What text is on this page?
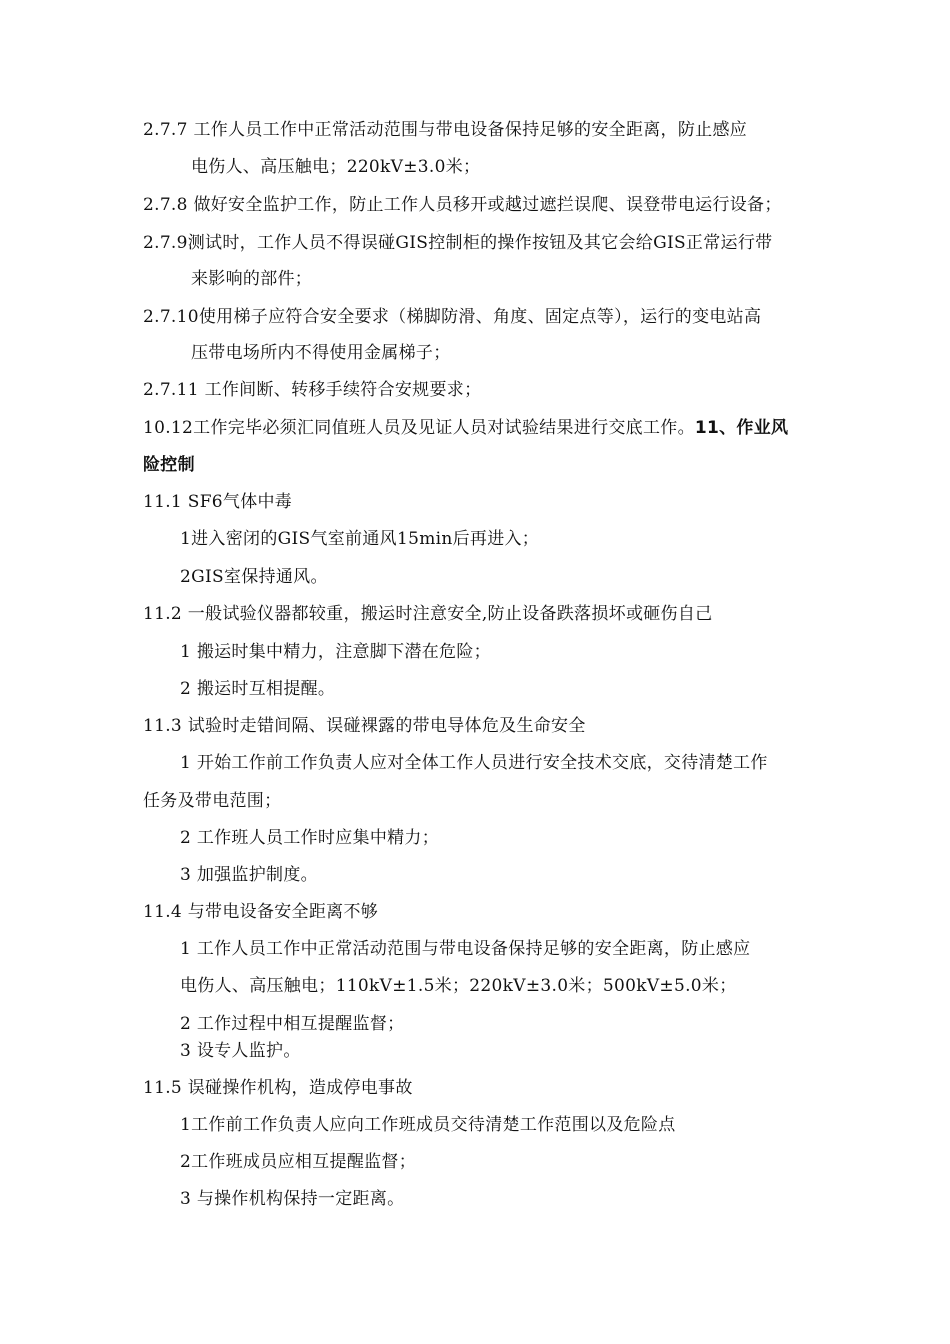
2.7.7 工作人员工作中正常活动范围与带电设备保持足够的安全距离，防止感应
电伤人、高压触电；220kV±3.0米；
2.7.8 做好安全监护工作，防止工作人员移开或越过遮拦误爬、误登带电运行设备；
2.7.9测试时，工作人员不得误碰GIS控制柜的操作按钮及其它会给GIS正常运行带
来影响的部件；
2.7.10使用梯子应符合安全要求（梯脚防滑、角度、固定点等），运行的变电站高
压带电场所内不得使用金属梯子；
2.7.11 工作间断、转移手续符合安规要求；
10.12工作完毕必须汇同值班人员及见证人员对试验结果进行交底工作。11、作业风
险控制
11.1 SF6气体中毒
1进入密闭的GIS气室前通风15min后再进入；
2GIS室保持通风。
11.2 一般试验仪器都较重，搬运时注意安全,防止设备跌落损坏或砸伤自己
1 搬运时集中精力，注意脚下潜在危险；
2 搬运时互相提醒。
11.3 试验时走错间隔、误碰裸露的带电导体危及生命安全
1 开始工作前工作负责人应对全体工作人员进行安全技术交底，交待清楚工作
任务及带电范围；
2 工作班人员工作时应集中精力；
3 加强监护制度。
11.4 与带电设备安全距离不够
1 工作人员工作中正常活动范围与带电设备保持足够的安全距离，防止感应
电伤人、高压触电；110kV±1.5米；220kV±3.0米；500kV±5.0米；
2 工作过程中相互提醒监督；
3 设专人监护。
11.5 误碰操作机构，造成停电事故
1工作前工作负责人应向工作班成员交待清楚工作范围以及危险点
2工作班成员应相互提醒监督；
3 与操作机构保持一定距离。
